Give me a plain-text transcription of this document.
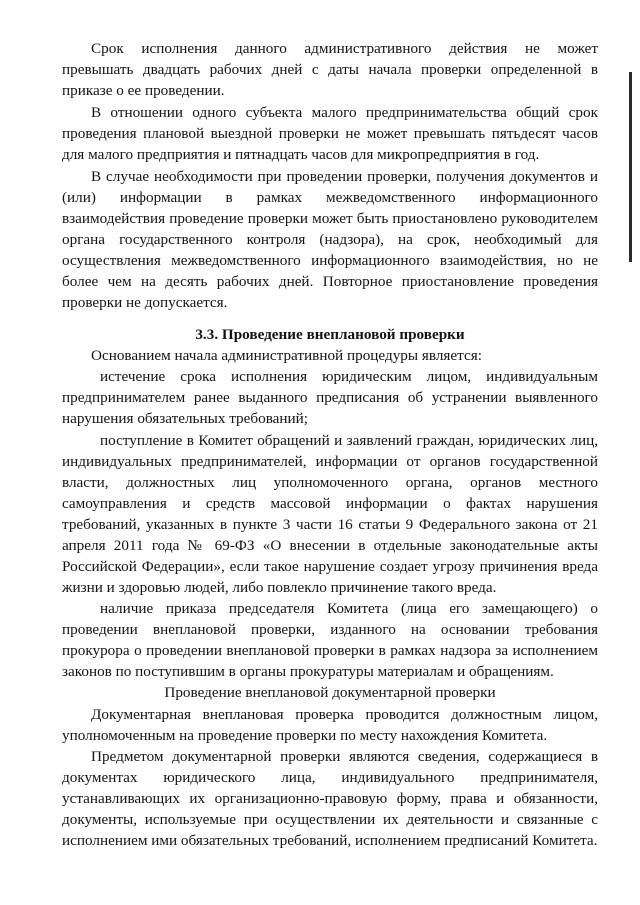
Срок исполнения данного административного действия не может
превышать двадцать рабочих дней с даты начала проверки определенной в
приказе о ее проведении.
В отношении одного субъекта малого предпринимательства общий срок
проведения плановой выездной проверки не может превышать пятьдесят часов
для малого предприятия и пятнадцать часов для микропредприятия в год.
В случае необходимости при проведении проверки, получения документов и
(или) информации в рамках межведомственного информационного
взаимодействия проведение проверки может быть приостановлено руководителем
органа государственного контроля (надзора), на срок, необходимый для
осуществления межведомственного информационного взаимодействия, но не
более чем на десять рабочих дней. Повторное приостановление проведения
проверки не допускается.
3.3. Проведение внеплановой проверки
Основанием начала административной процедуры является:
истечение срока исполнения юридическим лицом, индивидуальным
предпринимателем ранее выданного предписания об устранении выявленного
нарушения обязательных требований;
поступление в Комитет обращений и заявлений граждан, юридических лиц,
индивидуальных предпринимателей, информации от органов государственной
власти, должностных лиц уполномоченного органа, органов местного
самоуправления и средств массовой информации о фактах нарушения
требований, указанных в пункте 3 части 16 статьи 9 Федерального закона от 21
апреля 2011 года № 69-ФЗ «О внесении в отдельные законодательные акты
Российской Федерации», если такое нарушение создает угрозу причинения вреда
жизни и здоровью людей, либо повлекло причинение такого вреда.
наличие приказа председателя Комитета (лица его замещающего) о
проведении внеплановой проверки, изданного на основании требования
прокурора о проведении внеплановой проверки в рамках надзора за исполнением
законов по поступившим в органы прокуратуры материалам и обращениям.
Проведение внеплановой документарной проверки
Документарная внеплановая проверка проводится должностным лицом,
уполномоченным на проведение проверки по месту нахождения Комитета.
Предметом документарной проверки являются сведения, содержащиеся в
документах юридического лица, индивидуального предпринимателя,
устанавливающих их организационно-правовую форму, права и обязанности,
документы, используемые при осуществлении их деятельности и связанные с
исполнением ими обязательных требований, исполнением предписаний Комитета.
